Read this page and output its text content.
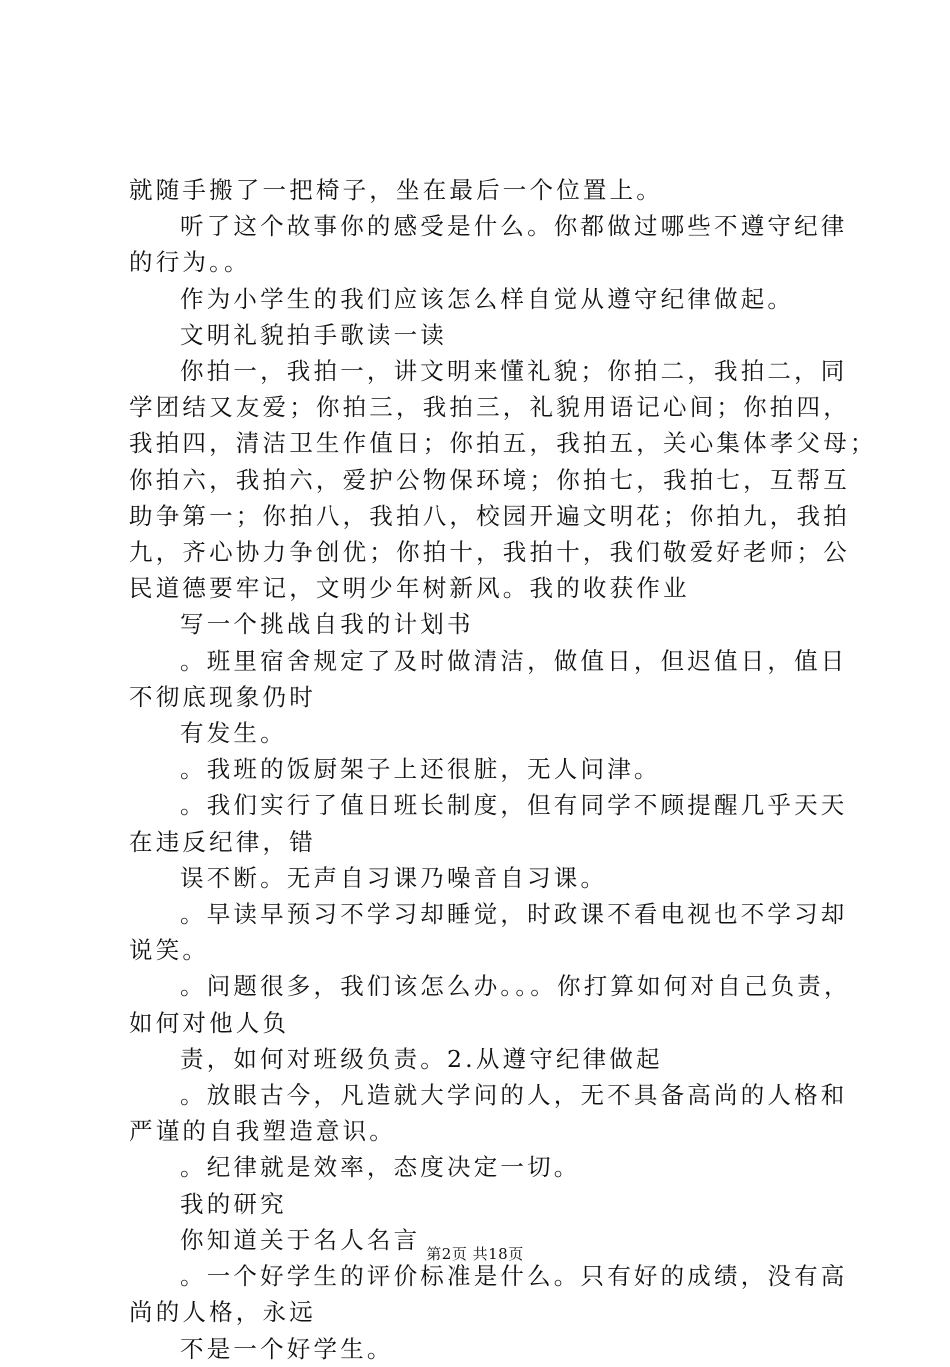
就随手搬了一把椅子，坐在最后一个位置上。

听了这个故事你的感受是什么。你都做过哪些不遵守纪律

的行为。。

作为小学生的我们应该怎么样自觉从遵守纪律做起。

文明礼貌拍手歌读一读

你拍一，我拍一，讲文明来懂礼貌；你拍二，我拍二，同

学团结又友爱；你拍三，我拍三，礼貌用语记心间；你拍四，

我拍四，清洁卫生作值日；你拍五，我拍五，关心集体孝父母；

你拍六，我拍六，爱护公物保环境；你拍七，我拍七，互帮互

助争第一；你拍八，我拍八，校园开遍文明花；你拍九，我拍

九，齐心协力争创优；你拍十，我拍十，我们敬爱好老师；公

民道德要牢记，文明少年树新风。我的收获作业

写一个挑战自我的计划书

。班里宿舍规定了及时做清洁，做值日，但迟值日，值日

不彻底现象仍时

有发生。

。我班的饭厨架子上还很脏，无人问津。

。我们实行了值日班长制度，但有同学不顾提醒几乎天天

在违反纪律，错

误不断。无声自习课乃噪音自习课。

。早读早预习不学习却睡觉，时政课不看电视也不学习却

说笑。

。问题很多，我们该怎么办。。。你打算如何对自己负责，

如何对他人负

责，如何对班级负责。2.从遵守纪律做起

。放眼古今，凡造就大学问的人，无不具备高尚的人格和

严谨的自我塑造意识。

。纪律就是效率，态度决定一切。

我的研究

你知道关于名人名言

。一个好学生的评价标准是什么。只有好的成绩，没有高

尚的人格，永远

不是一个好学生。

第2页 共18页
